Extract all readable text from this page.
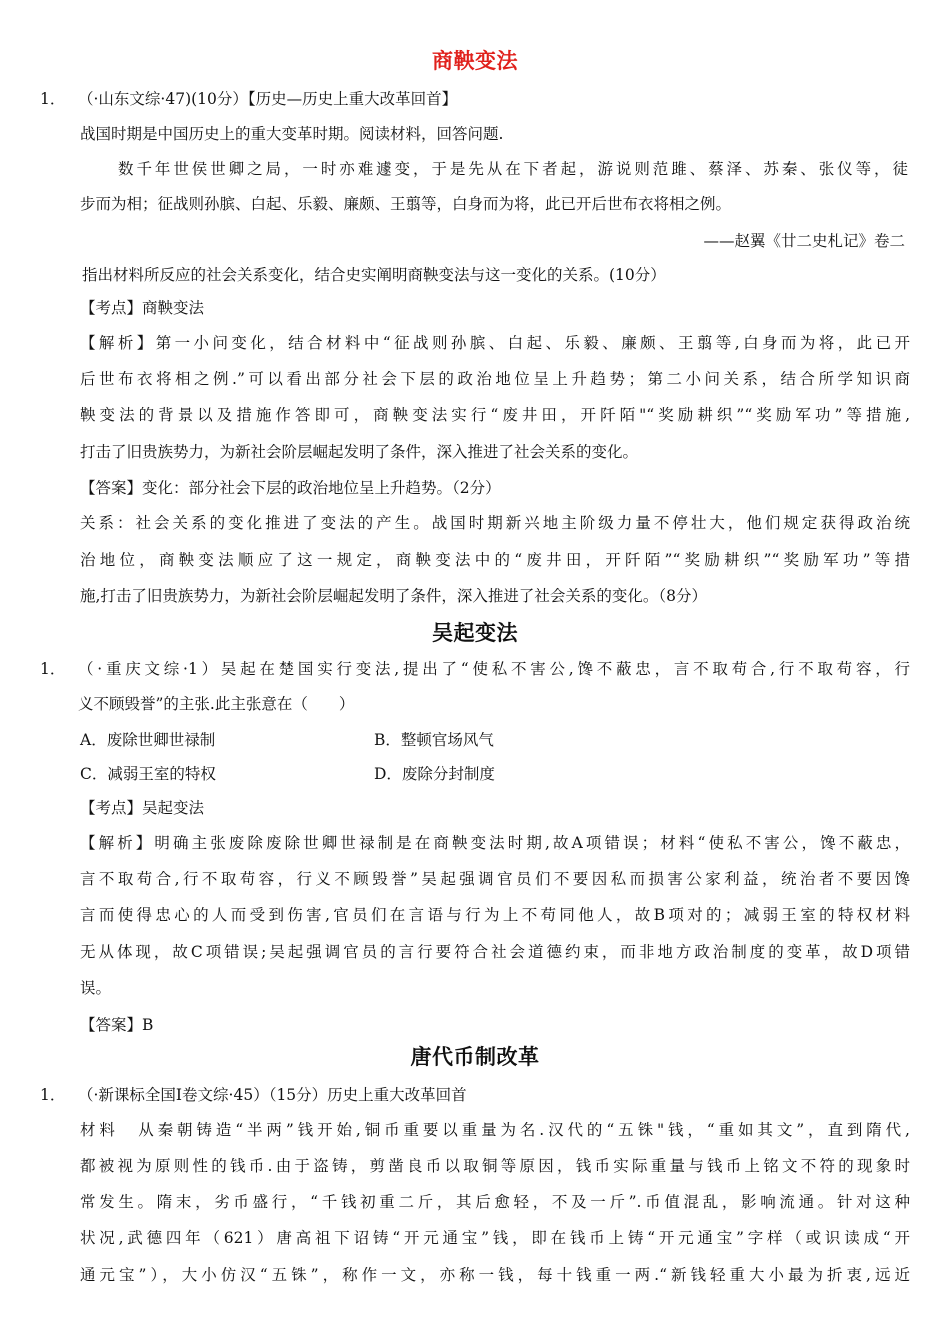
商鞅变法
1． （·山东文综·47)(10分）【历史—历史上重大改革回首】
战国时期是中国历史上的重大变革时期。阅读材料，回答问题.
数千年世侯世卿之局，一时亦难遽变，于是先从在下者起，游说则范雎、蔡泽、苏秦、张仪等，徒
步而为相；征战则孙膑、白起、乐毅、廉颇、王翦等，白身而为将，此已开后世布衣将相之例。
——赵翼《廿二史札记》卷二
指出材料所反应的社会关系变化，结合史实阐明商鞅变法与这一变化的关系。(10分）
【考点】商鞅变法
【解析】第一小问变化，结合材料中“征战则孙膑、白起、乐毅、廉颇、王翦等,白身而为将，此已开
后世布衣将相之例.”可以看出部分社会下层的政治地位呈上升趋势；第二小问关系，结合所学知识商
鞅变法的背景以及措施作答即可，商鞅变法实行“废井田，开阡陌"“奖励耕织”“奖励军功”等措施,
打击了旧贵族势力，为新社会阶层崛起发明了条件，深入推进了社会关系的变化。
【答案】变化：部分社会下层的政治地位呈上升趋势。（2分）
关系：社会关系的变化推进了变法的产生。战国时期新兴地主阶级力量不停壮大，他们规定获得政治统
治地位，商鞅变法顺应了这一规定，商鞅变法中的“废井田，开阡陌”“奖励耕织”“奖励军功”等措
施,打击了旧贵族势力，为新社会阶层崛起发明了条件，深入推进了社会关系的变化。（8分）
吴起变法
1． （·重庆文综·1）吴起在楚国实行变法,提出了“使私不害公,馋不蔽忠，言不取苟合,行不取苟容，行
义不顾毁誉”的主张.此主张意在（　　）
A．废除世卿世禄制	B．整顿官场风气
C．减弱王室的特权	D．废除分封制度
【考点】吴起变法
【解析】明确主张废除废除世卿世禄制是在商鞅变法时期,故A项错误；材料“使私不害公，馋不蔽忠，
言不取苟合,行不取苟容，行义不顾毁誉”吴起强调官员们不要因私而损害公家利益，统治者不要因馋
言而使得忠心的人而受到伤害,官员们在言语与行为上不苟同他人，故B项对的；减弱王室的特权材料
无从体现，故C项错误;吴起强调官员的言行要符合社会道德约束，而非地方政治制度的变革，故D项错
误。
【答案】B
唐代币制改革
1． （·新课标全国Ⅰ卷文综·45）（15分）历史上重大改革回首
材料　从秦朝铸造“半两”钱开始,铜币重要以重量为名.汉代的“五铢"钱，“重如其文”，直到隋代,
都被视为原则性的钱币.由于盗铸，剪凿良币以取铜等原因，钱币实际重量与钱币上铭文不符的现象时
常发生。隋末，劣币盛行，“千钱初重二斤，其后愈轻，不及一斤”.币值混乱，影响流通。针对这种
状况,武德四年（621）唐高祖下诏铸“开元通宝”钱，即在钱币上铸“开元通宝”字样（或识读成“开
通元宝”），大小仿汉“五铢”，称作一文，亦称一钱，每十钱重一两.“新钱轻重大小最为折衷,远近
